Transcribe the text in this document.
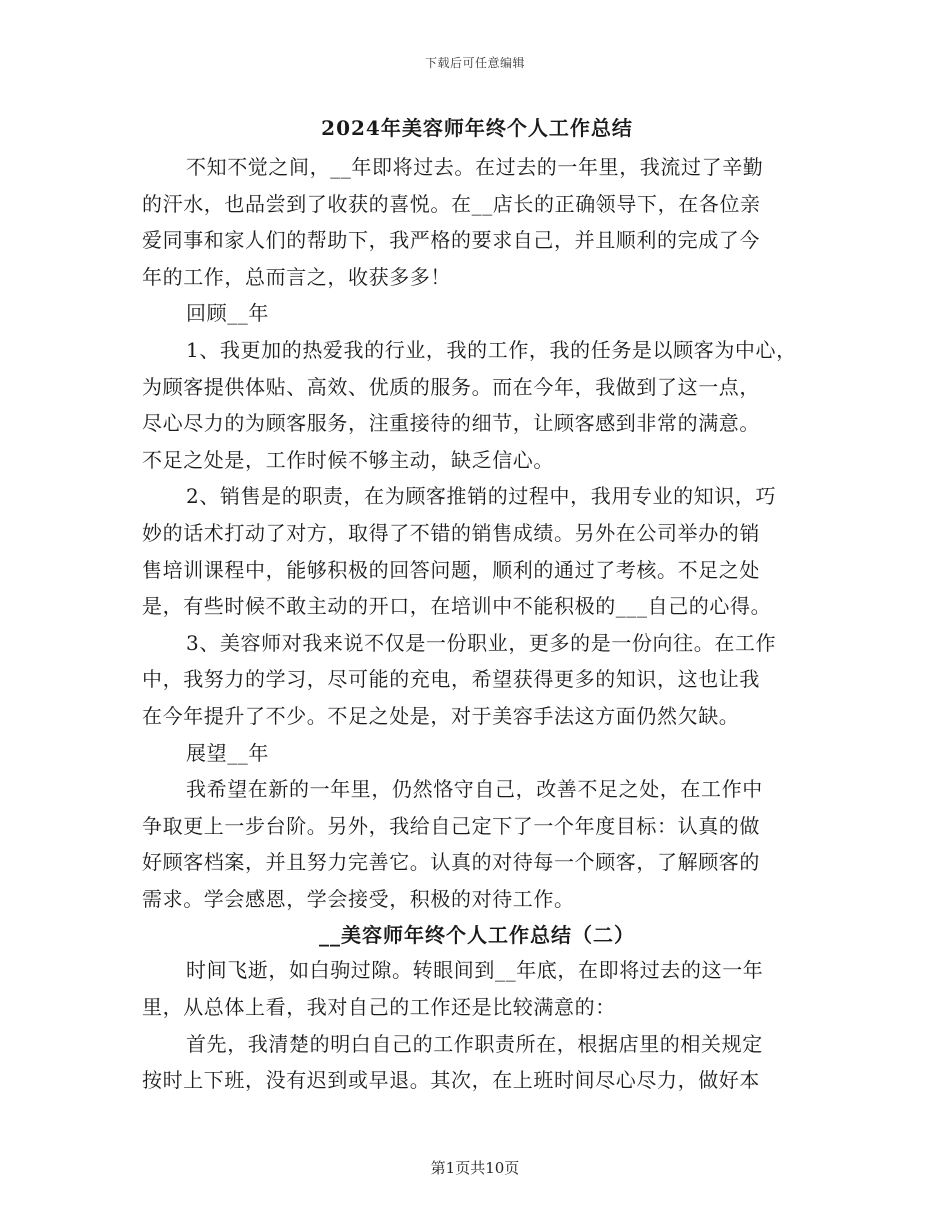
下载后可任意编辑
2024年美容师年终个人工作总结

不知不觉之间，__年即将过去。在过去的一年里，我流过了辛勤
的汗水，也品尝到了收获的喜悦。在__店长的正确领导下，在各位亲
爱同事和家人们的帮助下，我严格的要求自己，并且顺利的完成了今
年的工作，总而言之，收获多多！

回顾__年

1、我更加的热爱我的行业，我的工作，我的任务是以顾客为中心，
为顾客提供体贴、高效、优质的服务。而在今年，我做到了这一点，
尽心尽力的为顾客服务，注重接待的细节，让顾客感到非常的满意。
不足之处是，工作时候不够主动，缺乏信心。

2、销售是的职责，在为顾客推销的过程中，我用专业的知识，巧
妙的话术打动了对方，取得了不错的销售成绩。另外在公司举办的销
售培训课程中，能够积极的回答问题，顺利的通过了考核。不足之处
是，有些时候不敢主动的开口，在培训中不能积极的___自己的心得。

3、美容师对我来说不仅是一份职业，更多的是一份向往。在工作
中，我努力的学习，尽可能的充电，希望获得更多的知识，这也让我
在今年提升了不少。不足之处是，对于美容手法这方面仍然欠缺。

展望__年

我希望在新的一年里，仍然恪守自己，改善不足之处，在工作中
争取更上一步台阶。另外，我给自己定下了一个年度目标：认真的做
好顾客档案，并且努力完善它。认真的对待每一个顾客，了解顾客的
需求。学会感恩，学会接受，积极的对待工作。

__美容师年终个人工作总结（二）

时间飞逝，如白驹过隙。转眼间到__年底，在即将过去的这一年
里，从总体上看，我对自己的工作还是比较满意的：

首先，我清楚的明白自己的工作职责所在，根据店里的相关规定
按时上下班，没有迟到或早退。其次，在上班时间尽心尽力，做好本

第1页共10页
